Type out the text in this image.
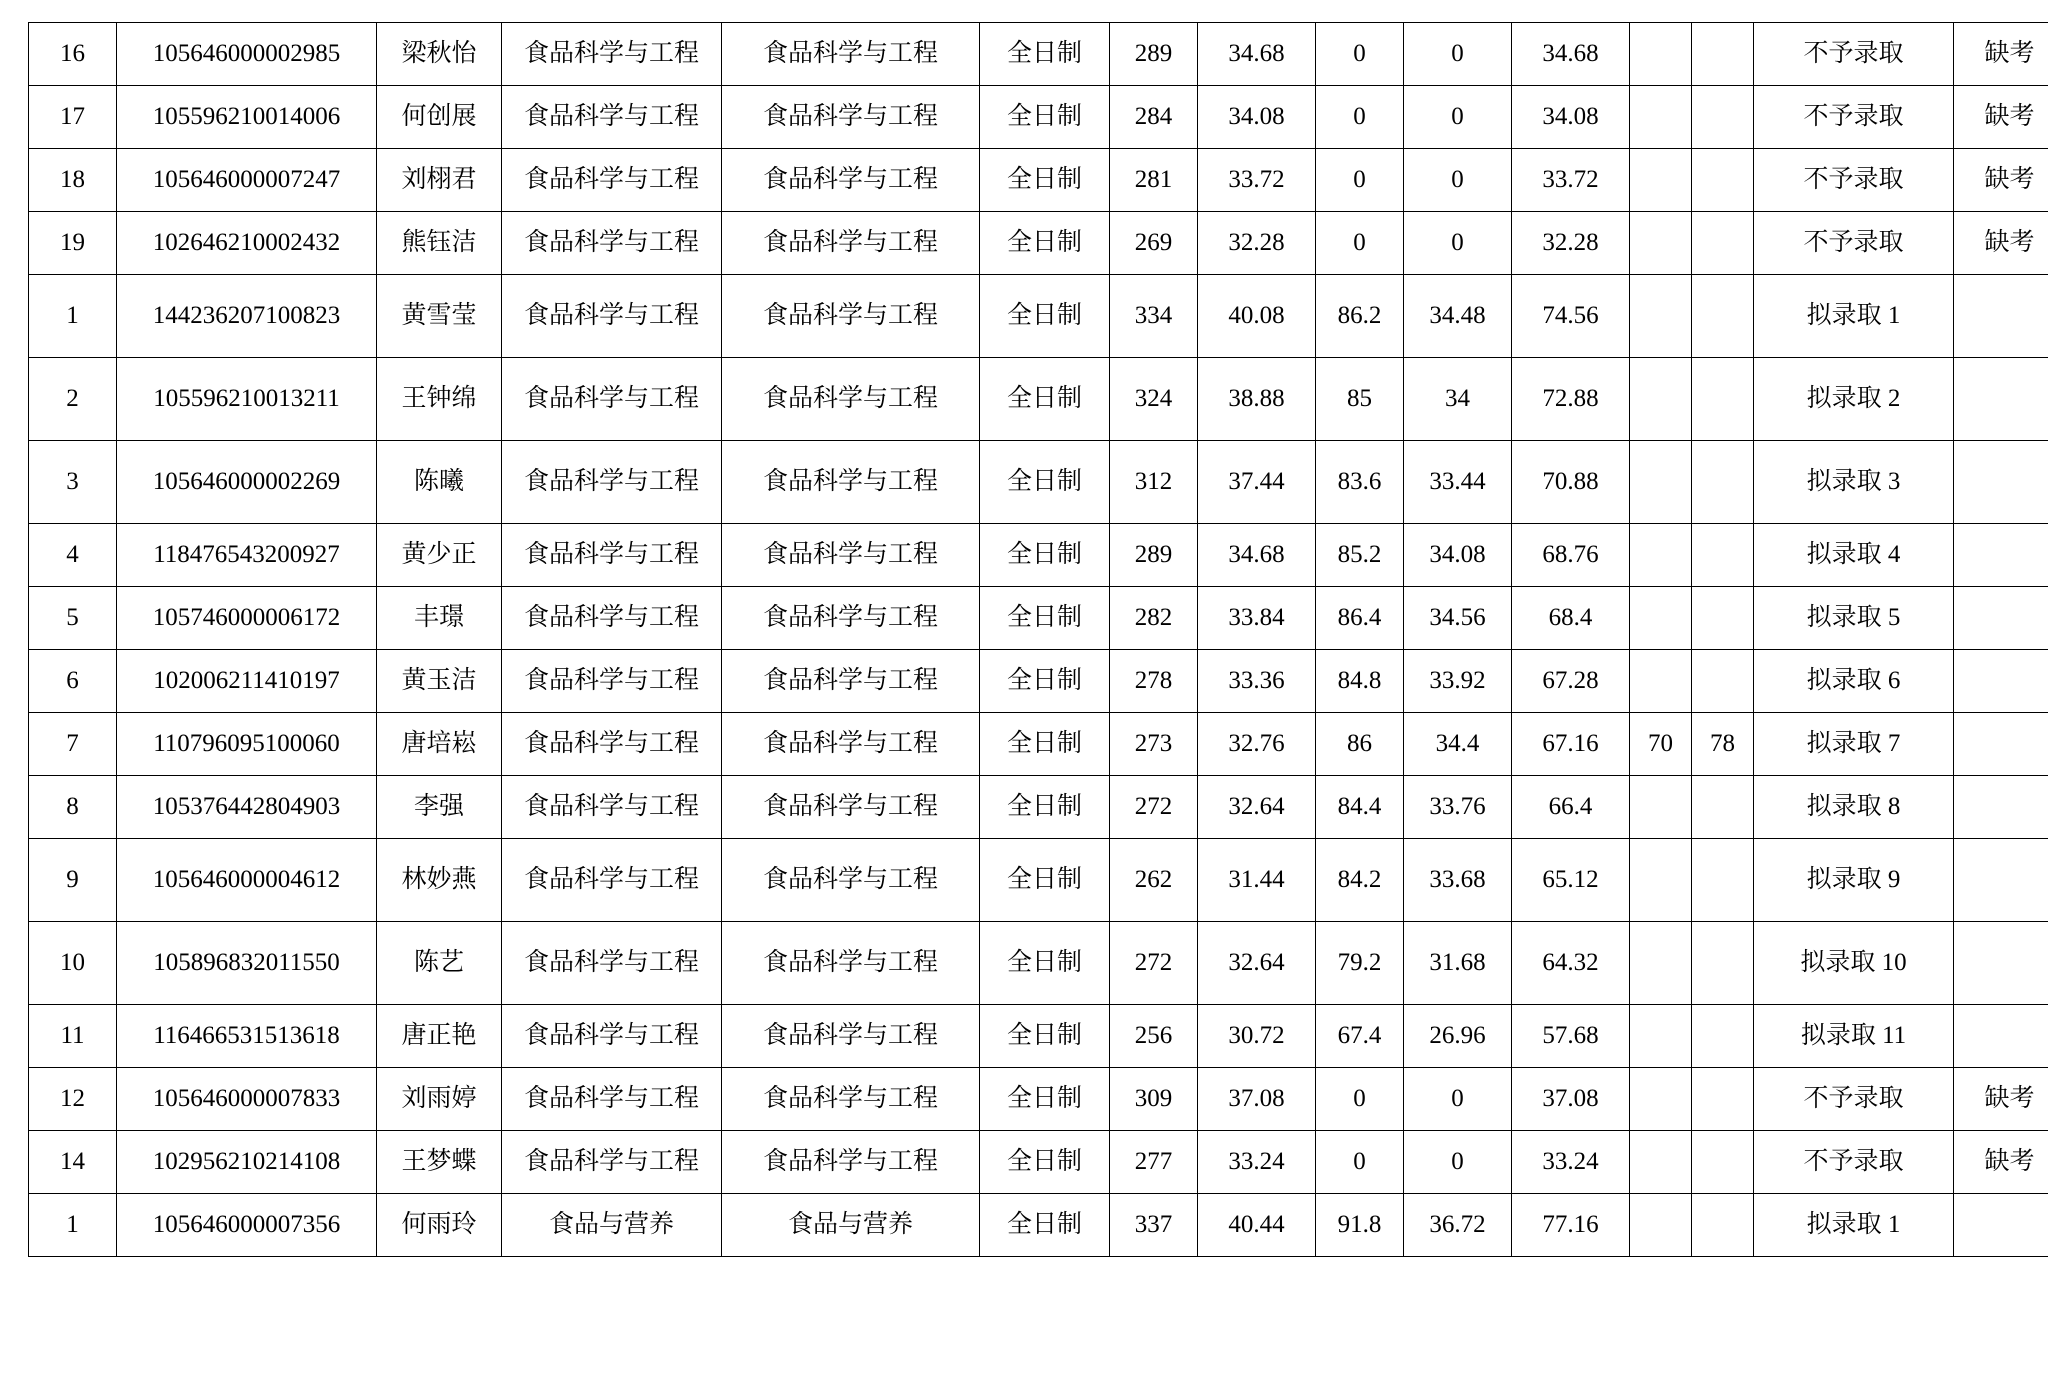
16	105646000002985	梁秋怡	食品科学与工程	食品科学与工程	全日制	289	34.68	0	0	34.68			不予录取	缺考
17	105596210014006	何创展	食品科学与工程	食品科学与工程	全日制	284	34.08	0	0	34.08			不予录取	缺考
18	105646000007247	刘栩君	食品科学与工程	食品科学与工程	全日制	281	33.72	0	0	33.72			不予录取	缺考
19	102646210002432	熊钰洁	食品科学与工程	食品科学与工程	全日制	269	32.28	0	0	32.28			不予录取	缺考
1	144236207100823	黄雪莹	食品科学与工程	食品科学与工程	全日制	334	40.08	86.2	34.48	74.56			拟录取 1	
2	105596210013211	王钟绵	食品科学与工程	食品科学与工程	全日制	324	38.88	85	34	72.88			拟录取 2	
3	105646000002269	陈曦	食品科学与工程	食品科学与工程	全日制	312	37.44	83.6	33.44	70.88			拟录取 3	
4	118476543200927	黄少正	食品科学与工程	食品科学与工程	全日制	289	34.68	85.2	34.08	68.76			拟录取 4	
5	105746000006172	丰璟	食品科学与工程	食品科学与工程	全日制	282	33.84	86.4	34.56	68.4			拟录取 5	
6	102006211410197	黄玉洁	食品科学与工程	食品科学与工程	全日制	278	33.36	84.8	33.92	67.28			拟录取 6	
7	110796095100060	唐培崧	食品科学与工程	食品科学与工程	全日制	273	32.76	86	34.4	67.16	70	78	拟录取 7	
8	105376442804903	李强	食品科学与工程	食品科学与工程	全日制	272	32.64	84.4	33.76	66.4			拟录取 8	
9	105646000004612	林妙燕	食品科学与工程	食品科学与工程	全日制	262	31.44	84.2	33.68	65.12			拟录取 9	
10	105896832011550	陈艺	食品科学与工程	食品科学与工程	全日制	272	32.64	79.2	31.68	64.32			拟录取 10	
11	116466531513618	唐正艳	食品科学与工程	食品科学与工程	全日制	256	30.72	67.4	26.96	57.68			拟录取 11	
12	105646000007833	刘雨婷	食品科学与工程	食品科学与工程	全日制	309	37.08	0	0	37.08			不予录取	缺考
14	102956210214108	王梦蝶	食品科学与工程	食品科学与工程	全日制	277	33.24	0	0	33.24			不予录取	缺考
1	105646000007356	何雨玲	食品与营养	食品与营养	全日制	337	40.44	91.8	36.72	77.16			拟录取 1	
